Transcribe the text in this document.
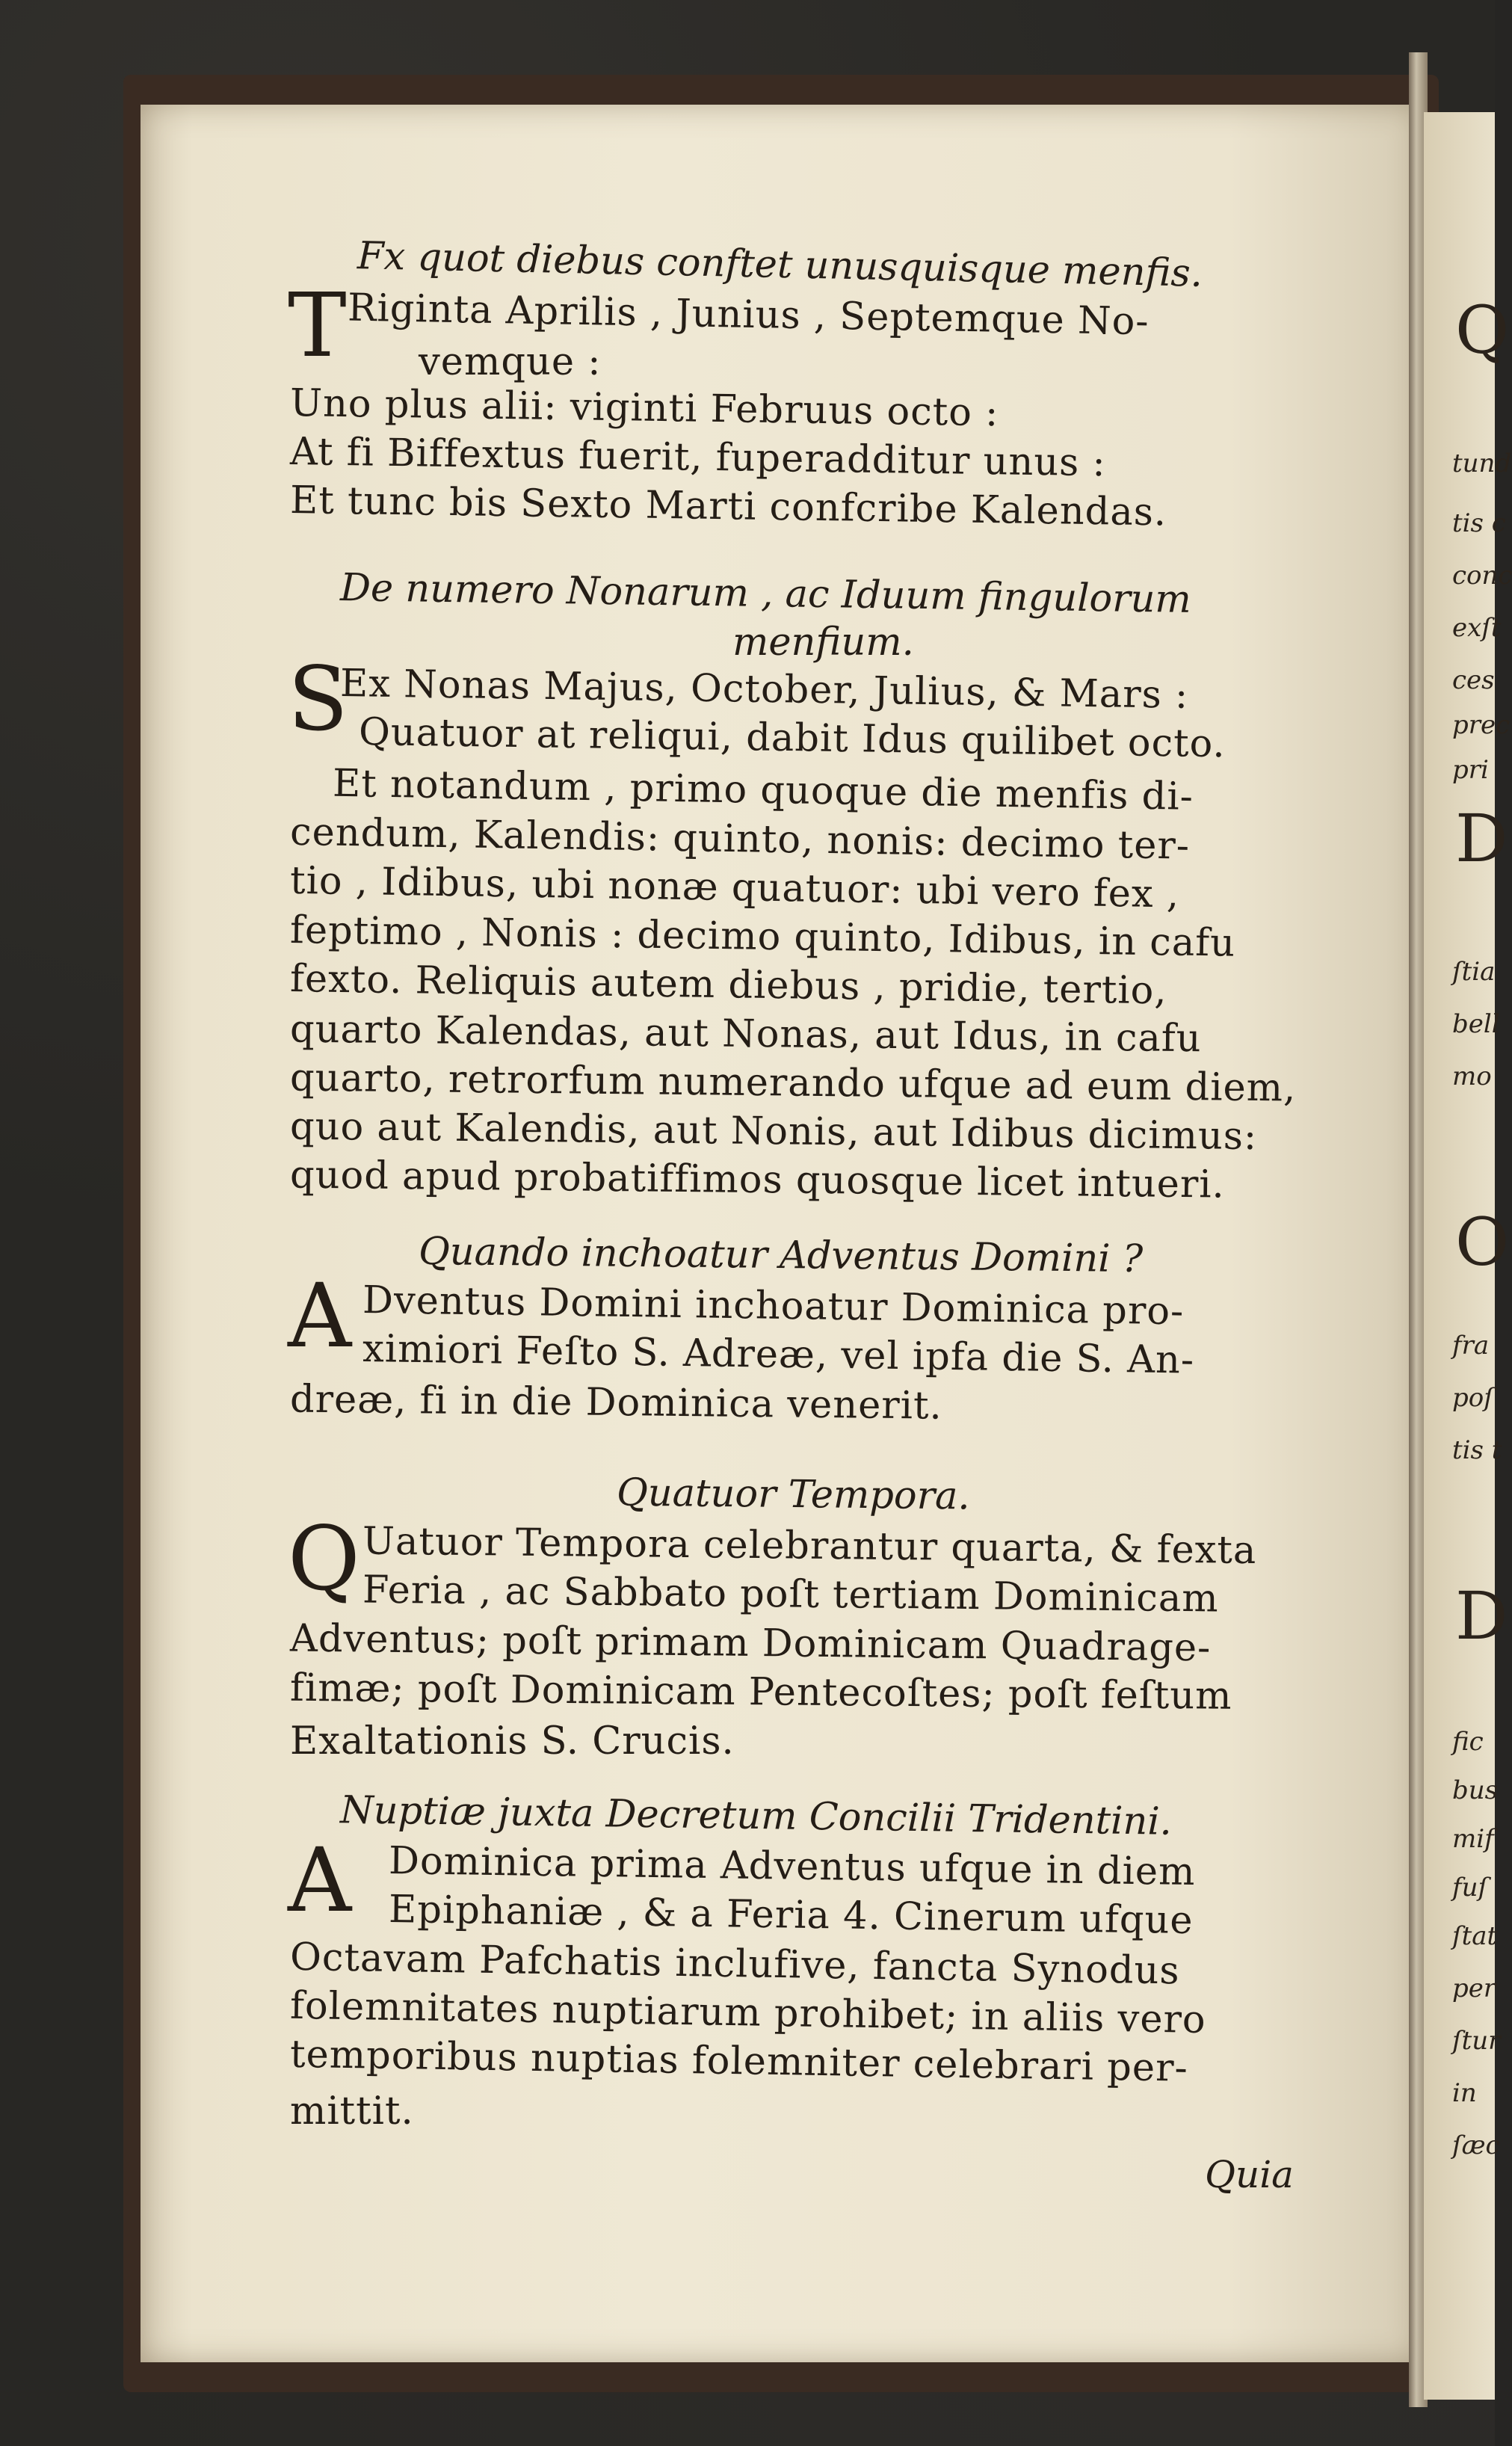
Fx quot diebus conftet unusquisque menfis.
T Riginta Aprilis , Junius , Septemque No-
vemque :
Uno plus alii: viginti Februus octo :
At fi Biffextus fuerit, fuperadditur unus :
Et tunc bis Sexto Marti confcribe Kalendas.
De numero Nonarum , ac Iduum fingulorum
menfium.
S
Ex Nonas Majus, October, Julius, & Mars :
Quatuor at reliqui, dabit Idus quilibet octo.
Et notandum , primo quoque die menfis di-
cendum, Kalendis: quinto, nonis: decimo ter-
tio , Idibus, ubi nonæ quatuor: ubi vero fex ,
feptimo , Nonis : decimo quinto, Idibus, in cafu
fexto. Reliquis autem diebus , pridie, tertio,
quarto Kalendas, aut Nonas, aut Idus, in cafu
quarto, retrorfum numerando ufque ad eum diem,
quo aut Kalendis, aut Nonis, aut Idibus dicimus:
quod apud probatiffimos quosque licet intueri.
Quando inchoatur Adventus Domini ?
A Dventus Domini inchoatur Dominica pro-
ximiori Feſto S. Adreæ, vel ipfa die S. An-
dreæ, fi in die Dominica venerit.
Quatuor Tempora.
Q Uatuor Tempora celebrantur quarta, & fexta
Feria , ac Sabbato poſt tertiam Dominicam
Adventus; poſt primam Dominicam Quadrage-
fimæ; poſt Dominicam Pentecoſtes; poſt feſtum
Exaltationis S. Crucis.
Nuptiæ juxta Decretum Concilii Tridentini.
A Dominica prima Adventus ufque in diem
Epiphaniæ , & a Feria 4. Cinerum ufque
Octavam Pafchatis inclufive, fancta Synodus
folemnitates nuptiarum prohibet; in aliis vero
temporibus nuptias folemniter celebrari per-
mittit.
Quia
Q
tund
tis c
conc
exſt
ces
prec
pri
D
ſtia
bell
mo
O
fra
poſ
tis t
D
fic
bus
mif
fuſ
ſtat
per
ſtur
in
ſæc
